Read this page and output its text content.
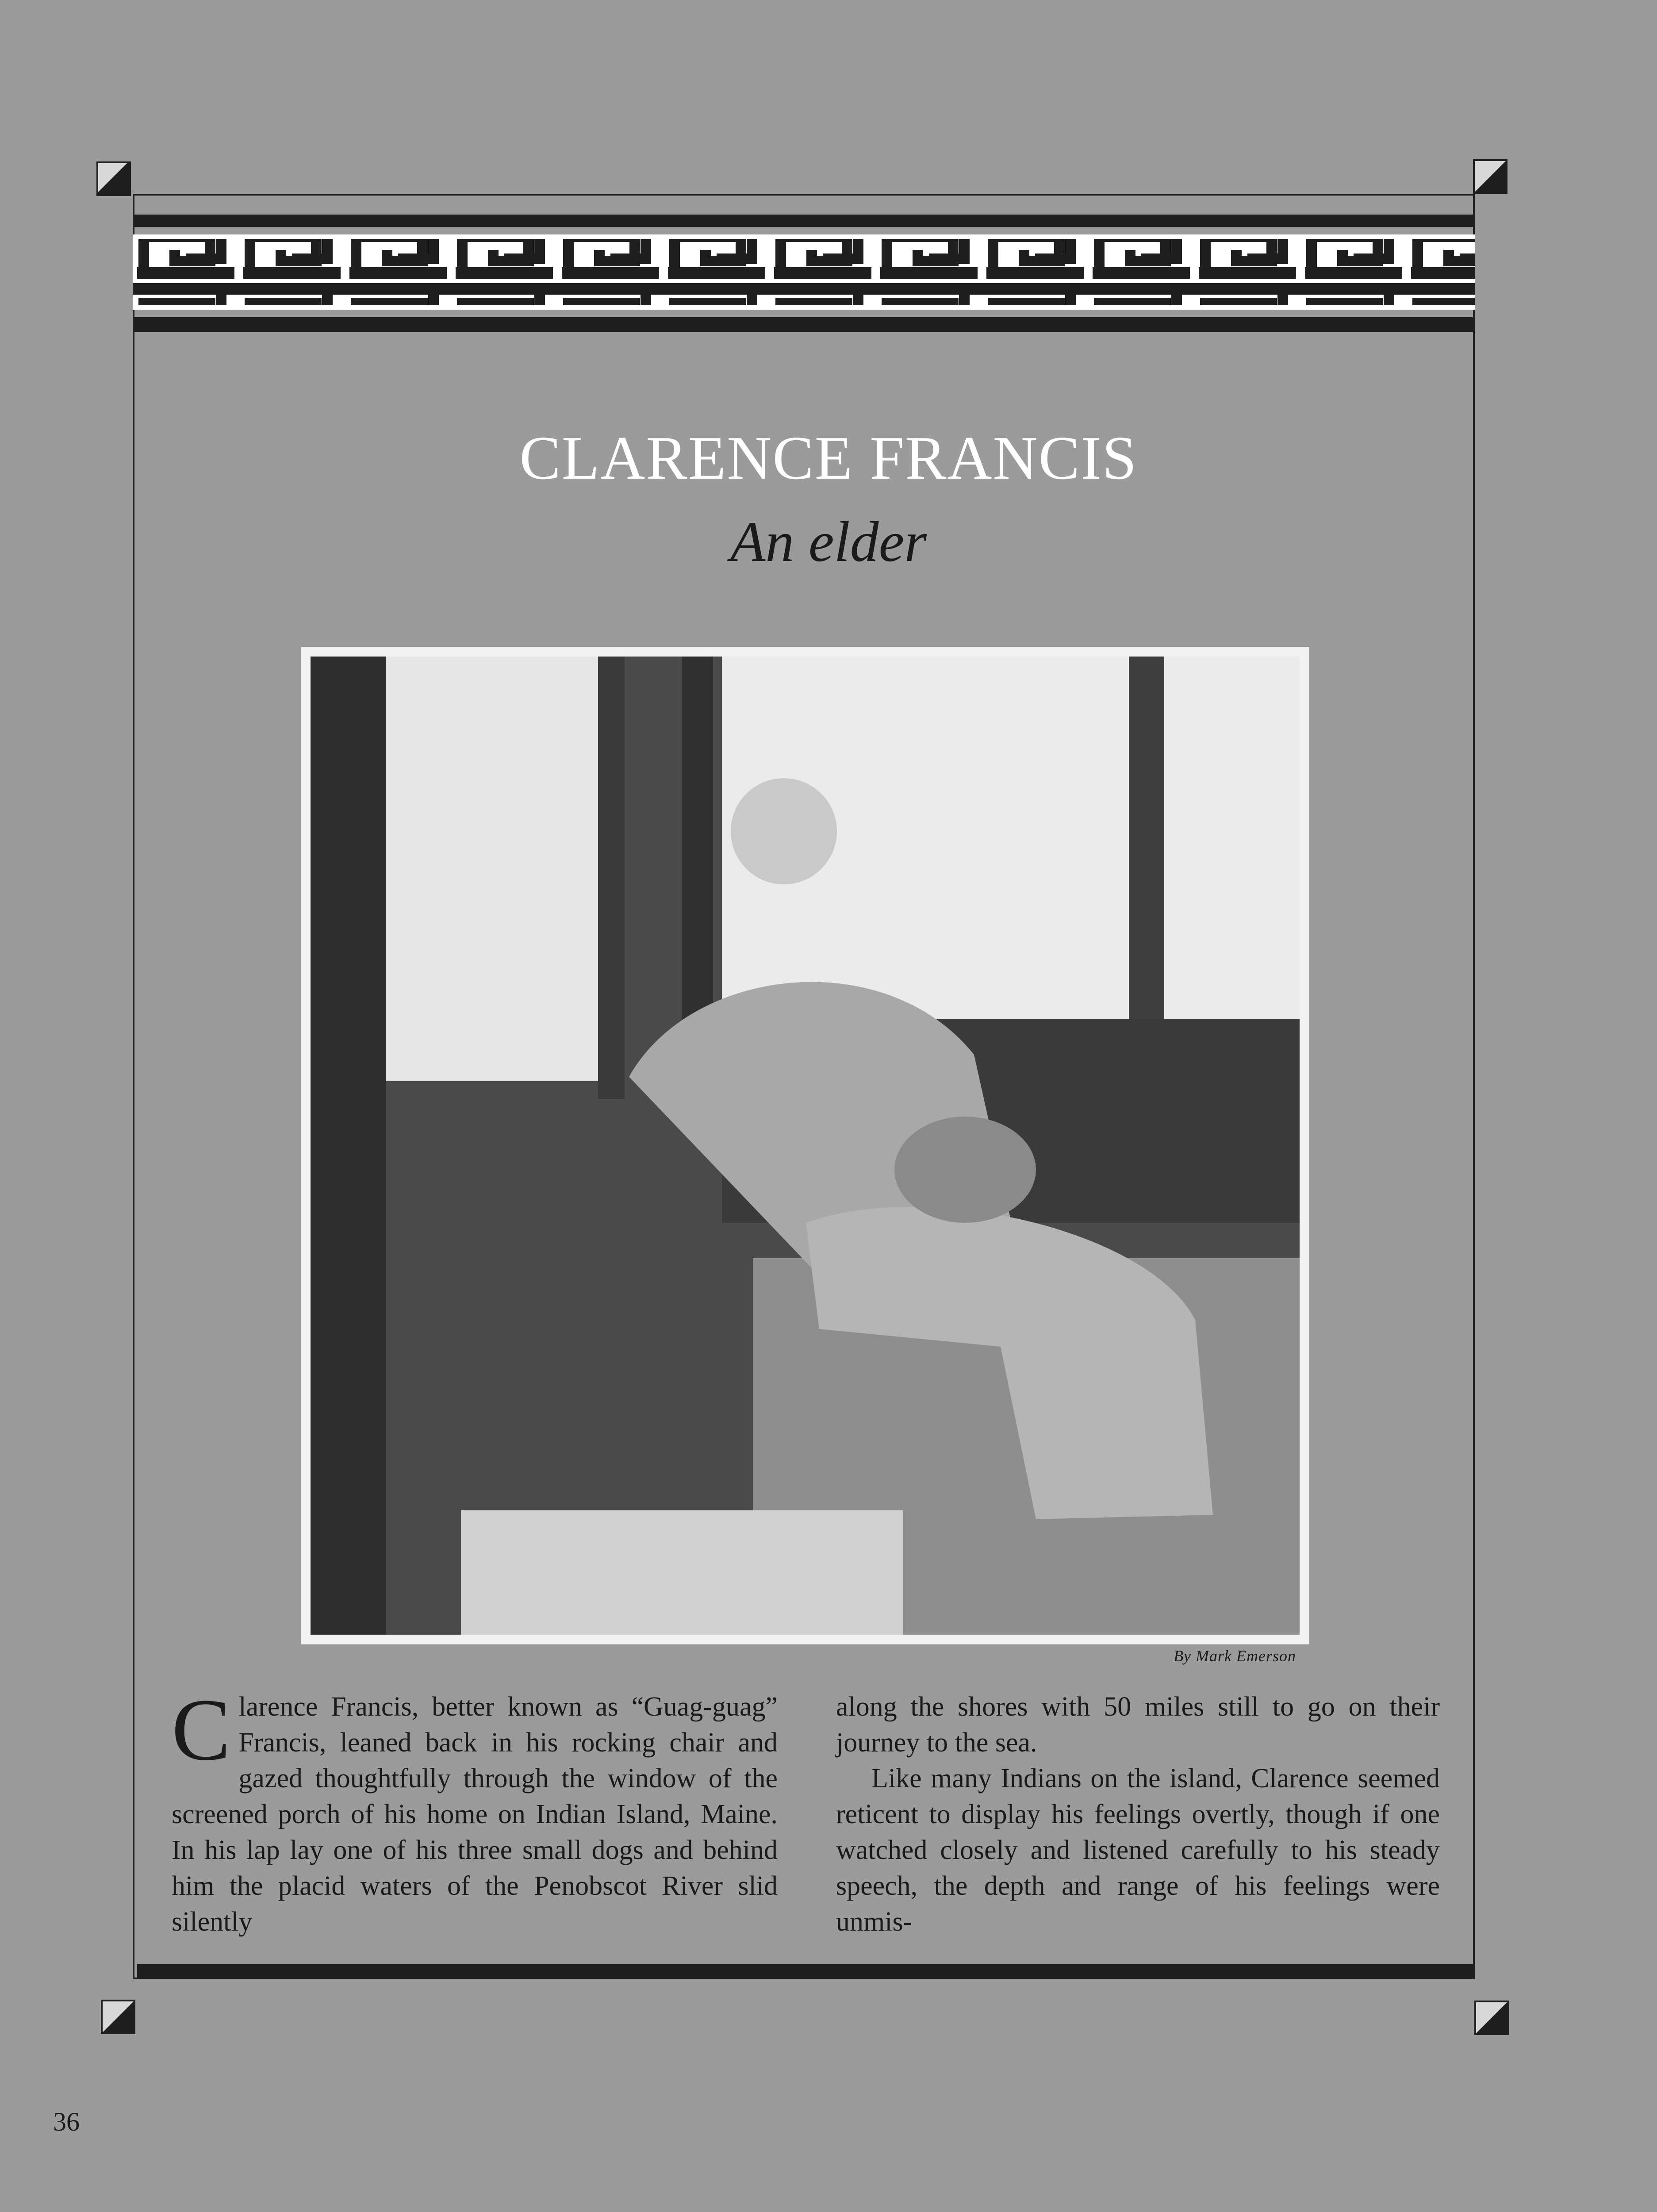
CLARENCE FRANCIS
An elder
By Mark Emerson

Clarence Francis, better known as “Guag-guag” Francis, leaned back in his rocking chair and gazed thoughtfully through the window of the screened porch of his home on Indian Island, Maine. In his lap lay one of his three small dogs and behind him the placid waters of the Penobscot River slid silently

along the shores with 50 miles still to go on their journey to the sea.

Like many Indians on the island, Clarence seemed reticent to display his feelings overtly, though if one watched closely and listened carefully to his steady speech, the depth and range of his feelings were unmis-

36
